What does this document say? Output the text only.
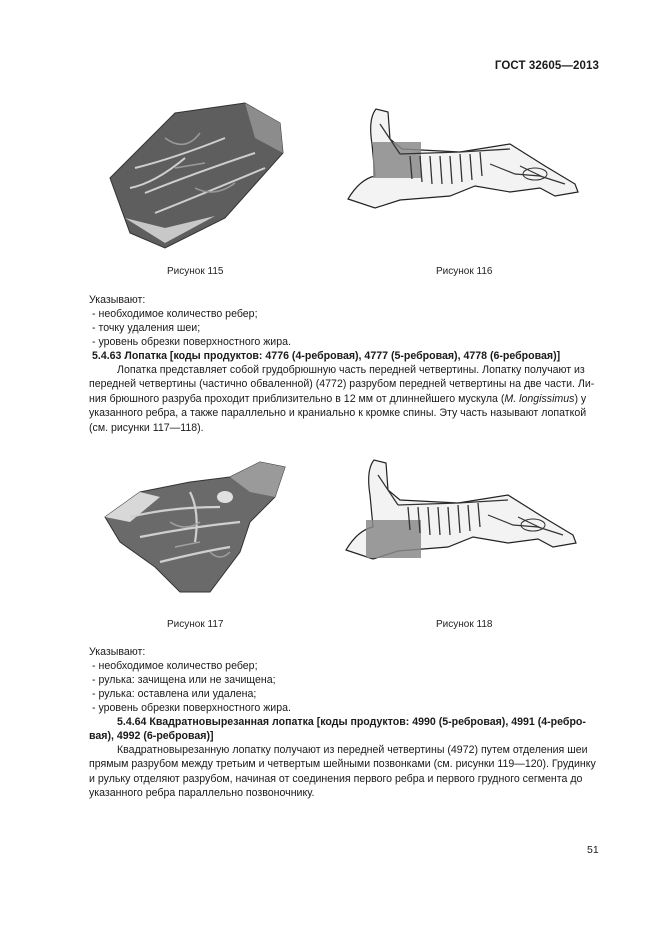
ГОСТ 32605—2013
Рисунок 115	Рисунок 116
Указывают:
- необходимое количество ребер;
- точку удаления шеи;
- уровень обрезки поверхностного жира.
5.4.63 Лопатка [коды продуктов: 4776 (4-ребровая), 4777 (5-ребровая), 4778 (6-ребровая)]
Лопатка представляет собой грудобрюшную часть передней четвертины. Лопатку получают из
передней четвертины (частично обваленной) (4772) разрубом передней четвертины на две части. Ли-
ния брюшного разруба проходит приблизительно в 12 мм от длиннейшего мускула (M. longissimus) у
указанного ребра, а также параллельно и краниально к кромке спины. Эту часть называют лопаткой
(см. рисунки 117—118).
Рисунок 117	Рисунок 118
Указывают:
- необходимое количество ребер;
- рулька: зачищена или не зачищена;
- рулька: оставлена или удалена;
- уровень обрезки поверхностного жира.
5.4.64 Квадратновырезанная лопатка [коды продуктов: 4990 (5-ребровая), 4991 (4-ребро-
вая), 4992 (6-ребровая)]
Квадратновырезанную лопатку получают из передней четвертины (4972) путем отделения шеи
прямым разрубом между третьим и четвертым шейными позвонками (см. рисунки 119—120). Грудинку
и рульку отделяют разрубом, начиная от соединения первого ребра и первого грудного сегмента до
указанного ребра параллельно позвоночнику.
51
